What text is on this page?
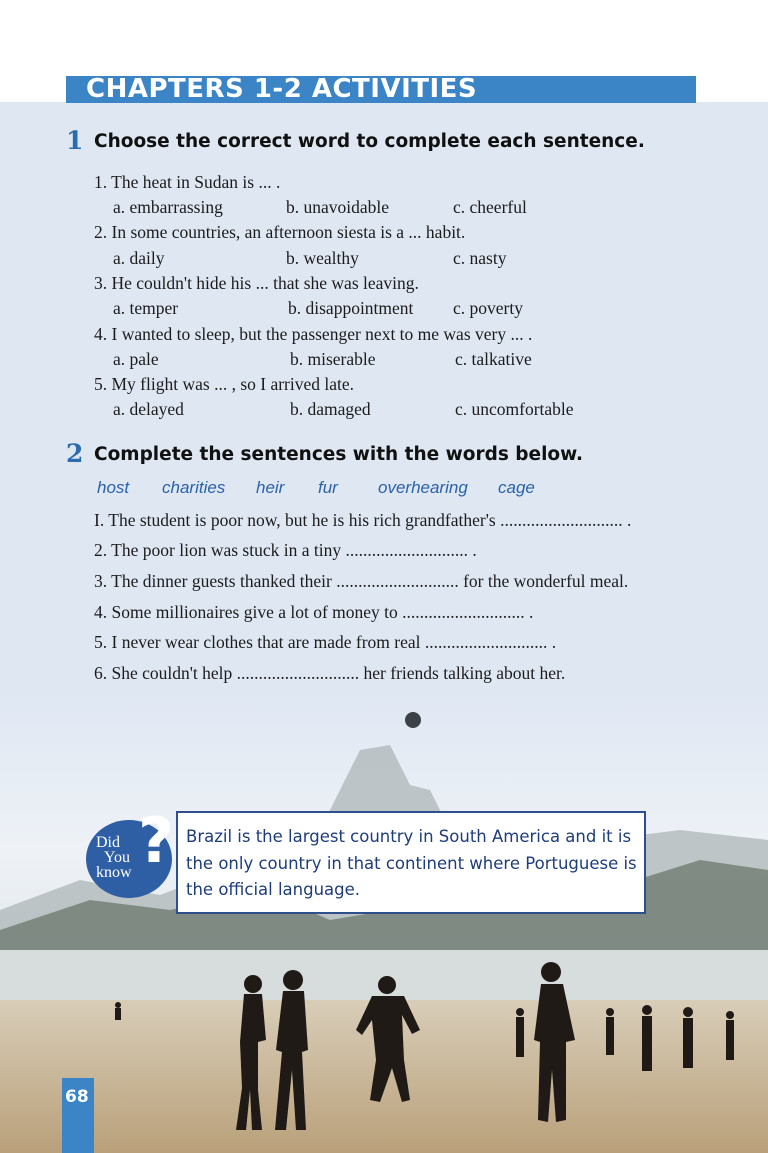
CHAPTERS 1-2 ACTIVITIES
1 Choose the correct word to complete each sentence.
1. The heat in Sudan is ... .
a. embarrassing	b. unavoidable	c. cheerful
2. In some countries, an afternoon siesta is a ... habit.
a. daily	b. wealthy	c. nasty
3. He couldn't hide his ... that she was leaving.
a. temper	b. disappointment c. poverty
4. I wanted to sleep, but the passenger next to me was very ... .
a. pale	b. miserable	c. talkative
5. My flight was ... , so I arrived late.
a. delayed	b. damaged	c. uncomfortable
2 Complete the sentences with the words below.
host charities heir fur overhearing cage
I. The student is poor now, but he is his rich grandfather's ............................ .
2. The poor lion was stuck in a tiny ............................ .
3. The dinner guests thanked their ............................ for the wonderful meal.
4. Some millionaires give a lot of money to ............................ .
5. I never wear clothes that are made from real ............................ .
6. She couldn't help ............................ her friends talking about her.
Did
You
know ? Brazil is the largest country in South America and it is
the only country in that continent where Portuguese is
the official language.
68
